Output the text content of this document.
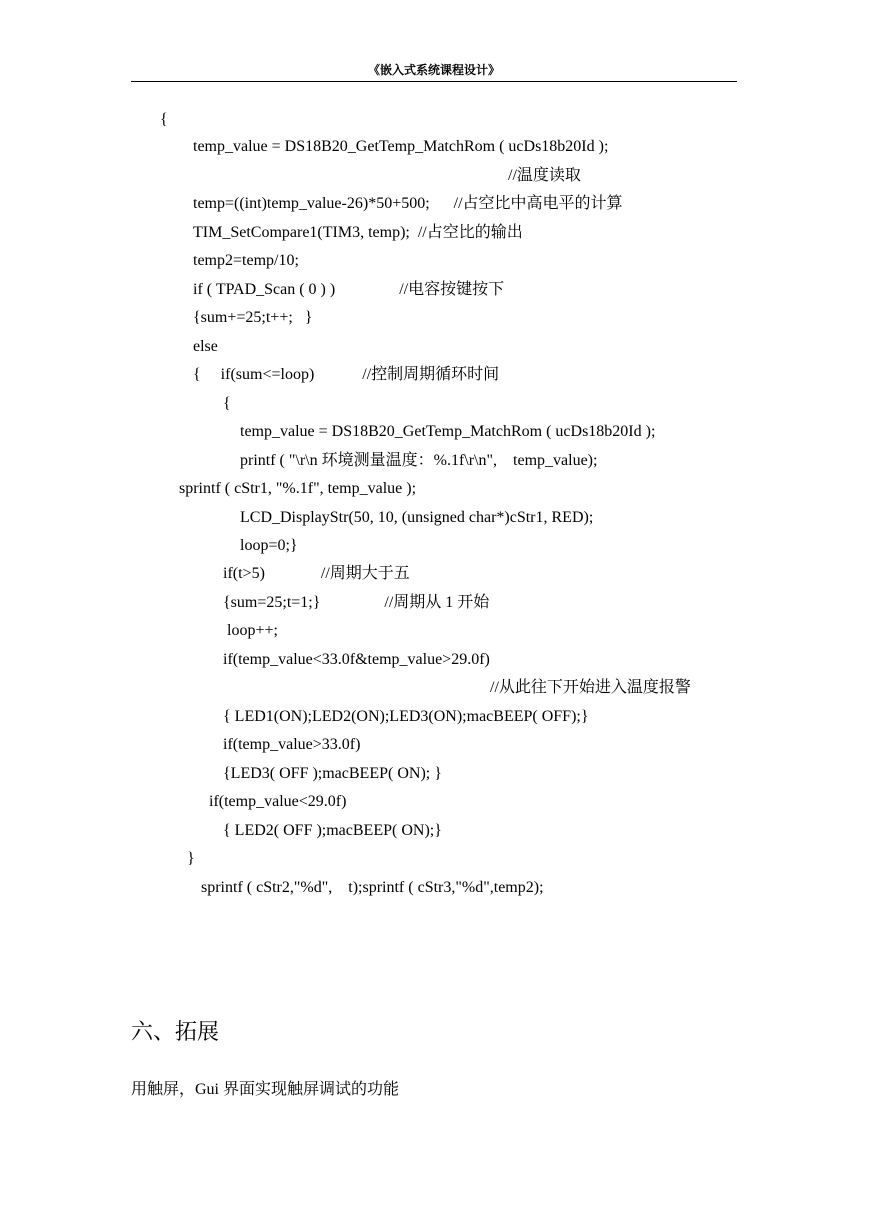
《嵌入式系统课程设计》
{
temp_value = DS18B20_GetTemp_MatchRom ( ucDs18b20Id );
//温度读取
temp=((int)temp_value-26)*50+500;      //占空比中高电平的计算
TIM_SetCompare1(TIM3, temp);  //占空比的输出
temp2=temp/10;
if ( TPAD_Scan ( 0 ) )                //电容按键按下
{sum+=25;t++;   }
else
{     if(sum<=loop)            //控制周期循环时间
{
temp_value = DS18B20_GetTemp_MatchRom ( ucDs18b20Id );
printf ( "\r\n 环境测量温度：%.1f\r\n",    temp_value);
sprintf ( cStr1, "%.1f", temp_value );
LCD_DisplayStr(50, 10, (unsigned char*)cStr1, RED);
loop=0;}
if(t>5)              //周期大于五
{sum=25;t=1;}                //周期从 1 开始
loop++;
if(temp_value<33.0f&temp_value>29.0f)
//从此往下开始进入温度报警
{ LED1(ON);LED2(ON);LED3(ON);macBEEP( OFF);}
if(temp_value>33.0f)
{LED3( OFF );macBEEP( ON); }
if(temp_value<29.0f)
{ LED2( OFF );macBEEP( ON);}
}
sprintf ( cStr2,"%d",    t);sprintf ( cStr3,"%d",temp2);
六、拓展
用触屏，Gui 界面实现触屏调试的功能
